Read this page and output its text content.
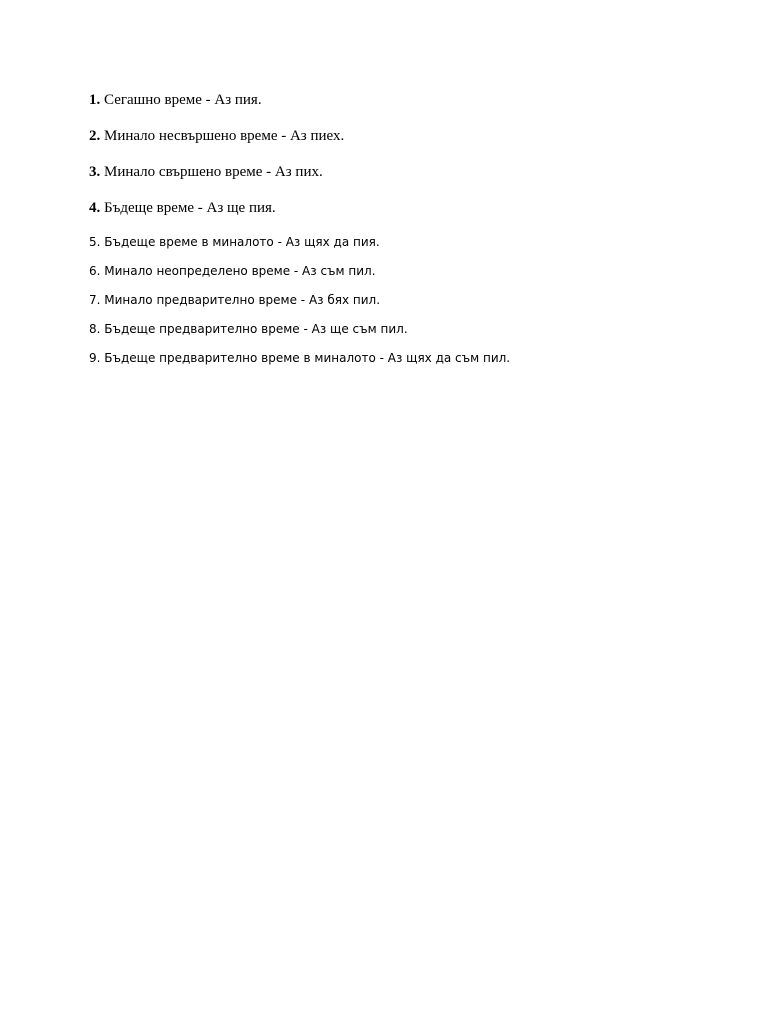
1. Сегашно време - Аз пия.
2. Минало несвършено време - Аз пиех.
3. Минало свършено време - Аз пих.
4. Бъдеще време - Аз ще пия.
5. Бъдеще време в миналото - Аз щях да пия.
6. Минало неопределено време - Аз съм пил.
7. Минало предварително време - Аз бях пил.
8. Бъдеще предварително време - Аз ще съм пил.
9. Бъдеще предварително време в миналото - Аз щях да съм пил.
